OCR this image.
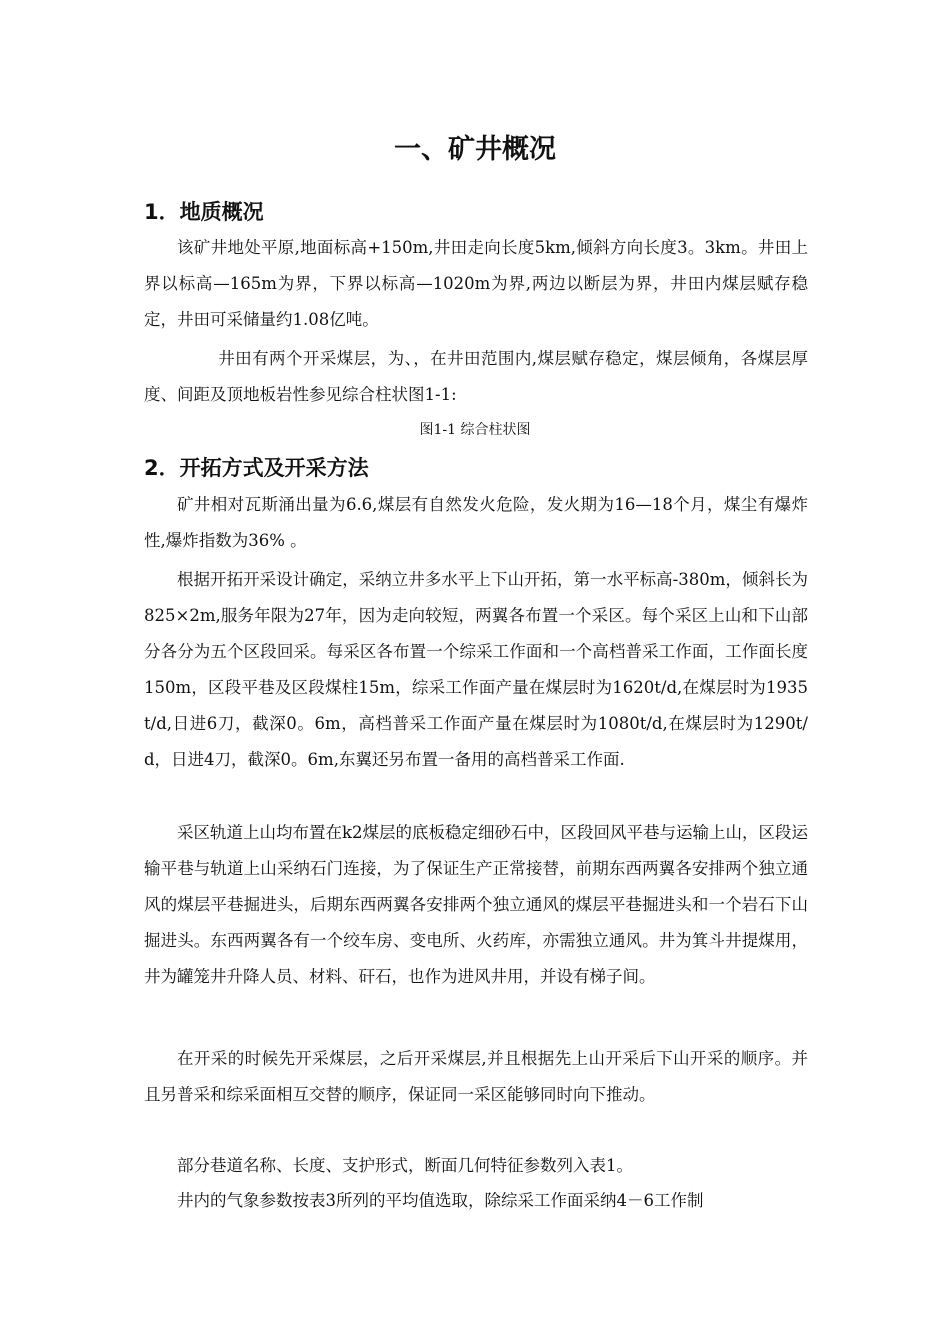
一、矿井概况
1．地质概况

该矿井地处平原,地面标高+150m,井田走向长度5km,倾斜方向长度3。3km。井田上界以标高—165m为界，下界以标高—1020m为界,两边以断层为界，井田内煤层赋存稳定，井田可采储量约1.08亿吨。

井田有两个开采煤层，为、，在井田范围内,煤层赋存稳定，煤层倾角，各煤层厚度、间距及顶地板岩性参见综合柱状图1-1:

图1-1 综合柱状图

2．开拓方式及开采方法

矿井相对瓦斯涌出量为6.6,煤层有自然发火危险，发火期为16—18个月，煤尘有爆炸性,爆炸指数为36% 。

根据开拓开采设计确定，采纳立井多水平上下山开拓，第一水平标高-380m，倾斜长为825×2m,服务年限为27年，因为走向较短，两翼各布置一个采区。每个采区上山和下山部分各分为五个区段回采。每采区各布置一个综采工作面和一个高档普采工作面，工作面长度150m，区段平巷及区段煤柱15m，综采工作面产量在煤层时为1620t/d,在煤层时为1935t/d,日进6刀，截深0。6m，高档普采工作面产量在煤层时为1080t/d,在煤层时为1290t/d，日进4刀，截深0。6m,东翼还另布置一备用的高档普采工作面.

采区轨道上山均布置在k2煤层的底板稳定细砂石中，区段回风平巷与运输上山，区段运输平巷与轨道上山采纳石门连接，为了保证生产正常接替，前期东西两翼各安排两个独立通风的煤层平巷掘进头，后期东西两翼各安排两个独立通风的煤层平巷掘进头和一个岩石下山掘进头。东西两翼各有一个绞车房、变电所、火药库，亦需独立通风。井为箕斗井提煤用，井为罐笼井升降人员、材料、矸石，也作为进风井用，并设有梯子间。

在开采的时候先开采煤层，之后开采煤层,并且根据先上山开采后下山开采的顺序。并且另普采和综采面相互交替的顺序，保证同一采区能够同时向下推动。

部分巷道名称、长度、支护形式，断面几何特征参数列入表1。

井内的气象参数按表3所列的平均值选取，除综采工作面采纳4－6工作制
